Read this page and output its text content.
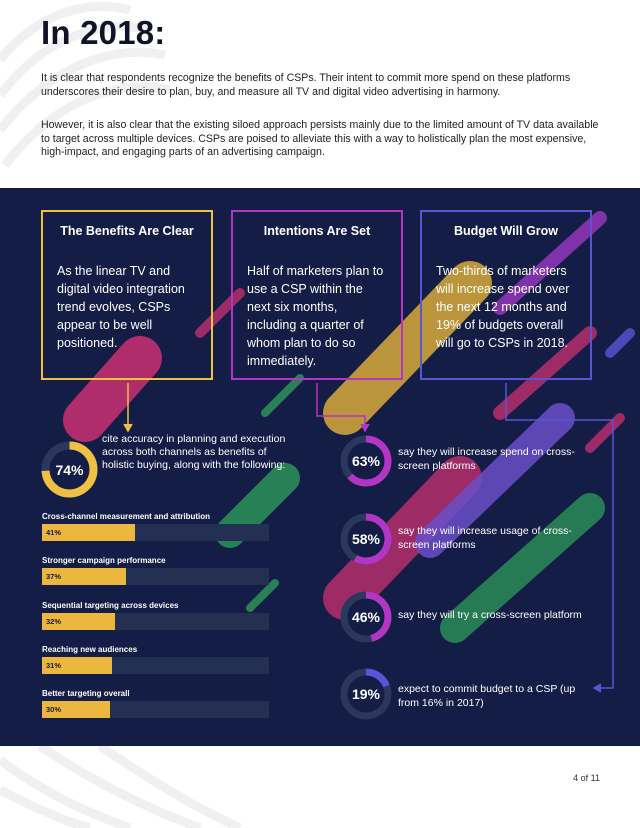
In 2018:

It is clear that respondents recognize the benefits of CSPs. Their intent to commit more spend on these platforms underscores their desire to plan, buy, and measure all TV and digital video advertising in harmony.

However, it is also clear that the existing siloed approach persists mainly due to the limited amount of TV data available to target across multiple devices. CSPs are poised to alleviate this with a way to holistically plan the most expensive, high-impact, and engaging parts of an advertising campaign.

The Benefits Are Clear
As the linear TV and digital video integration trend evolves, CSPs appear to be well positioned.
Intentions Are Set
Half of marketers plan to use a CSP within the next six months, including a quarter of whom plan to do so immediately.
Budget Will Grow
Two-thirds of marketers will increase spend over the next 12 months and 19% of budgets overall will go to CSPs in 2018.
74%
cite accuracy in planning and execution across both channels as benefits of holistic buying, along with the following:
Cross-channel measurement and attribution
41%
Stronger campaign performance
37%
Sequential targeting across devices
32%
Reaching new audiences
31%
Better targeting overall
30%
63%
say they will increase spend on cross-screen platforms
58%	say they will increase usage of cross-screen platforms
46%	say they will try a cross-screen platform
19%	expect to commit budget to a CSP (up from 16% in 2017)
4 of 11
